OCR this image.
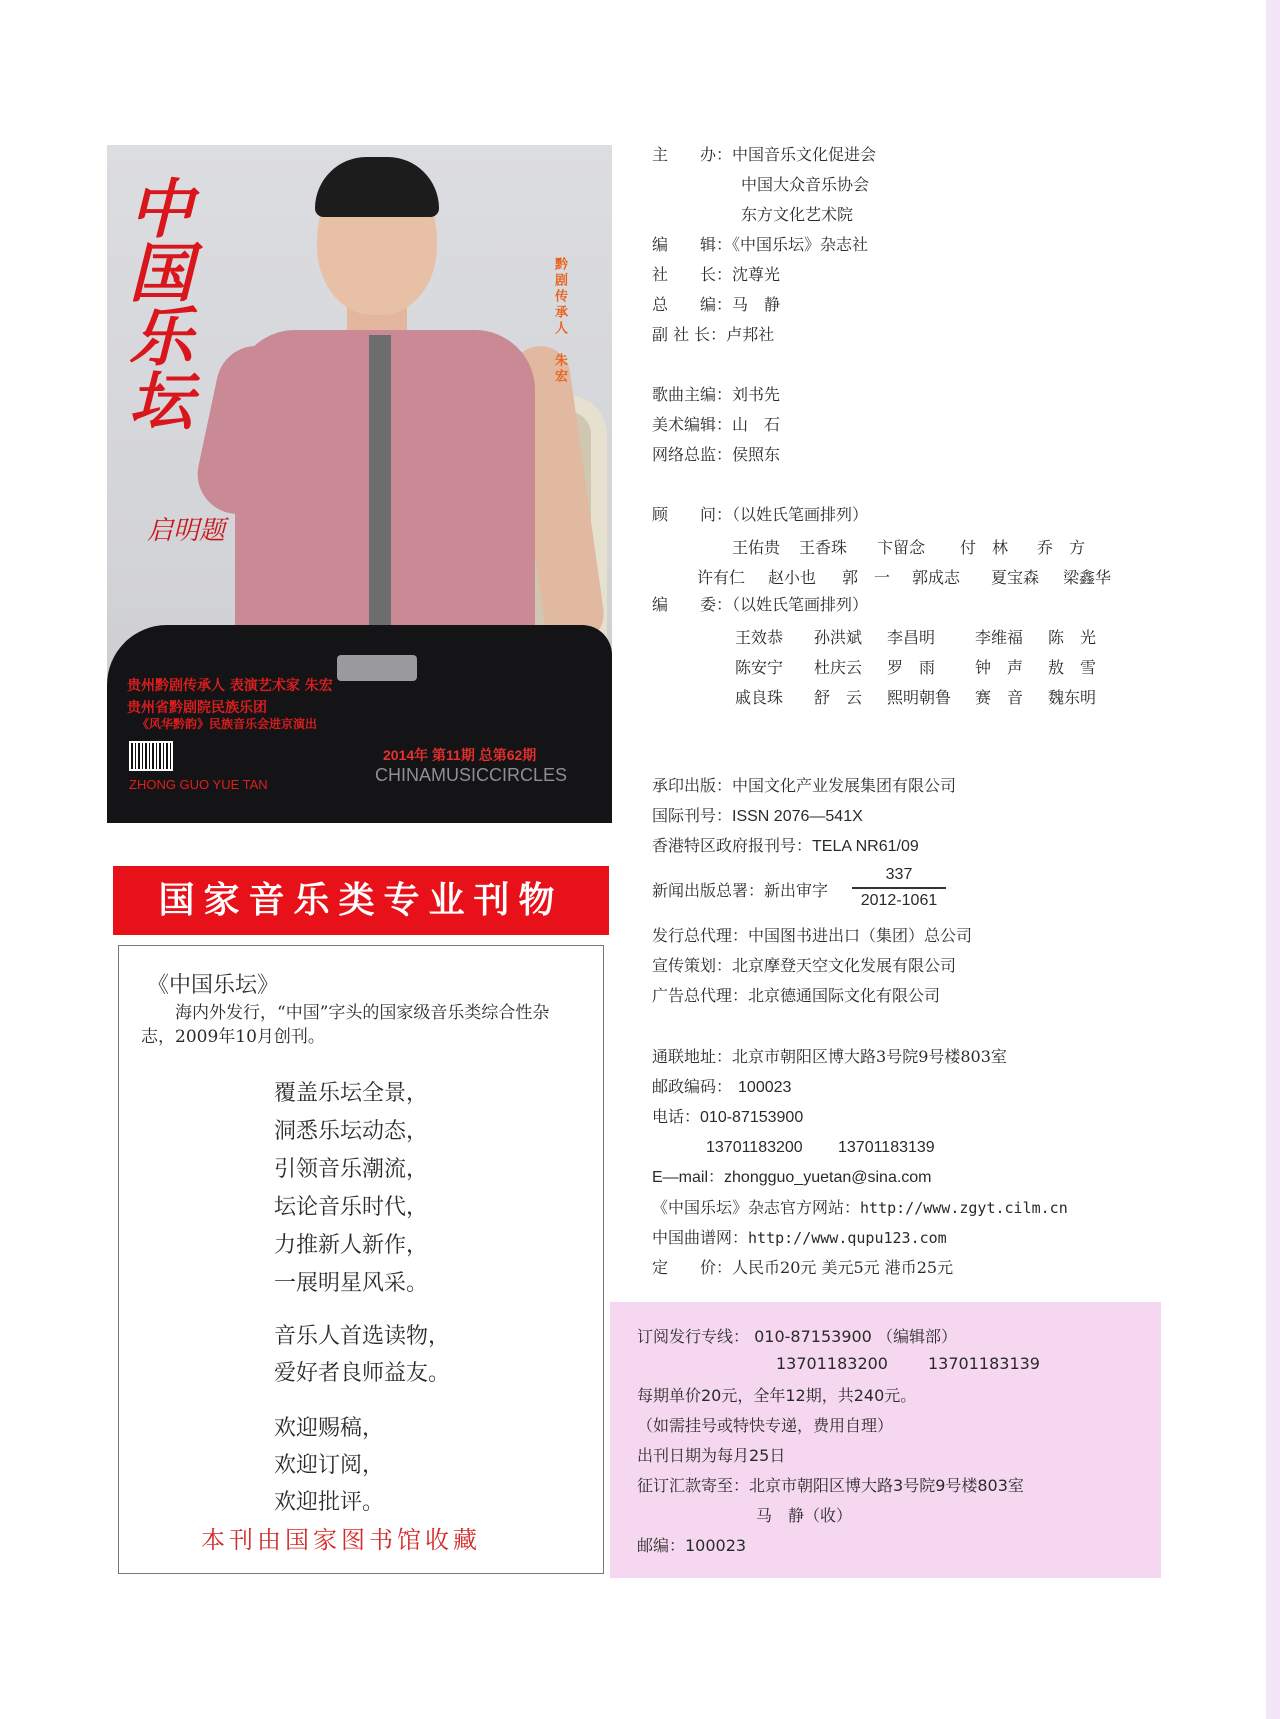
中国乐坛
启明题
黔剧传承人　朱宏
贵州黔剧传承人 表演艺术家 朱宏
贵州省黔剧院民族乐团
《风华黔韵》民族音乐会进京演出
2014年 第11期 总第62期
CHINAMUSICCIRCLES
ZHONG GUO YUE TAN
国家音乐类专业刊物
《中国乐坛》
海内外发行，“中国”字头的国家级音乐类综合性杂志，2009年10月创刊。
覆盖乐坛全景，
洞悉乐坛动态，
引领音乐潮流，
坛论音乐时代，
力推新人新作，
一展明星风采。
音乐人首选读物，
爱好者良师益友。
欢迎赐稿，
欢迎订阅，
欢迎批评。
本刊由国家图书馆收藏
主　　办：中国音乐文化促进会
中国大众音乐协会
东方文化艺术院
编　　辑：《中国乐坛》杂志社
社　　长：沈尊光
总　　编：马　静
副 社 长：卢邦社
歌曲主编：刘书先
美术编辑：山　石
网络总监：侯照东
顾　　问：（以姓氏笔画排列）
王佑贵 王香珠 卞留念 付　林 乔　方
许有仁 赵小也 郭　一 郭成志 夏宝森 梁鑫华
编　　委：（以姓氏笔画排列）
王效恭 孙洪斌 李昌明 李维福 陈　光
陈安宁 杜庆云 罗　雨 钟　声 敖　雪
戚良珠 舒　云 熙明朝鲁 赛　音 魏东明
承印出版：中国文化产业发展集团有限公司
国际刊号：ISSN 2076—541X
香港特区政府报刊号：TELA NR61/09
新闻出版总署：新出审字
337
2012-1061
发行总代理：中国图书进出口（集团）总公司
宣传策划：北京摩登天空文化发展有限公司
广告总代理：北京德通国际文化有限公司
通联地址：北京市朝阳区博大路3号院9号楼803室
邮政编码： 100023
电话：010-87153900
13701183200 13701183139
E—mail：zhongguo_yuetan@sina.com
《中国乐坛》杂志官方网站：http://www.zgyt.cilm.cn
中国曲谱网：http://www.qupu123.com
定　　价：人民币20元 美元5元 港币25元
订阅发行专线： 010-87153900 （编辑部）
13701183200	13701183139
每期单价20元，全年12期，共240元。
（如需挂号或特快专递，费用自理）
出刊日期为每月25日
征订汇款寄至：北京市朝阳区博大路3号院9号楼803室
马　静（收）
邮编：100023
